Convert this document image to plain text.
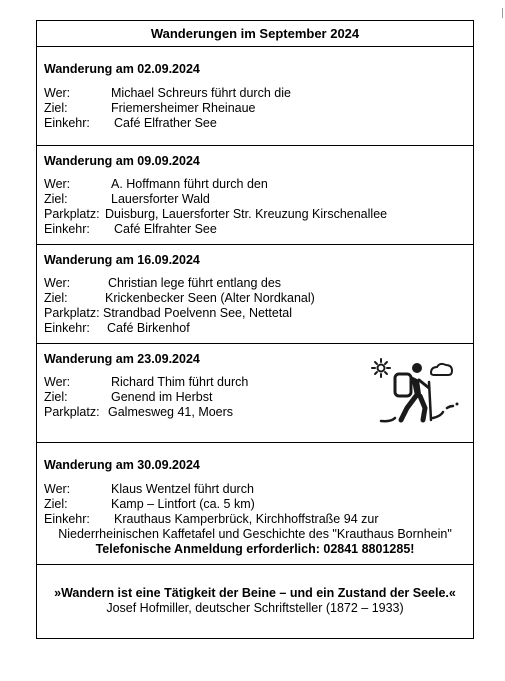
Wanderungen im September 2024
Wanderung am 02.09.2024
Wer:	Michael Schreurs führt durch die
Ziel:	Friemersheimer Rheinaue
Einkehr:	Café Elfrather See
Wanderung am 09.09.2024
Wer:	A. Hoffmann führt durch den
Ziel:	Lauersforter Wald
Parkplatz: Duisburg, Lauersforter Str. Kreuzung Kirschenallee
Einkehr:	Café Elfrahter See
Wanderung am 16.09.2024
Wer:	Christian lege führt entlang des
Ziel:	Krickenbecker Seen (Alter Nordkanal)
Parkplatz: Strandbad Poelvenn See, Nettetal
Einkehr:	Café Birkenhof
Wanderung am 23.09.2024
Wer:	Richard Thim führt durch
Ziel:	Genend im Herbst
Parkplatz: Galmesweg 41, Moers
Wanderung am 30.09.2024
Wer:	Klaus Wentzel führt durch
Ziel:	Kamp – Lintfort (ca. 5 km)
Einkehr:	Krauthaus Kamperbrück, Kirchhoffstraße 94 zur
Niederrheinischen Kaffetafel und Geschichte des "Krauthaus Bornhein"
Telefonische Anmeldung erforderlich: 02841 8801285!
»Wandern ist eine Tätigkeit der Beine – und ein Zustand der Seele.«
Josef Hofmiller, deutscher Schriftsteller (1872 – 1933)
